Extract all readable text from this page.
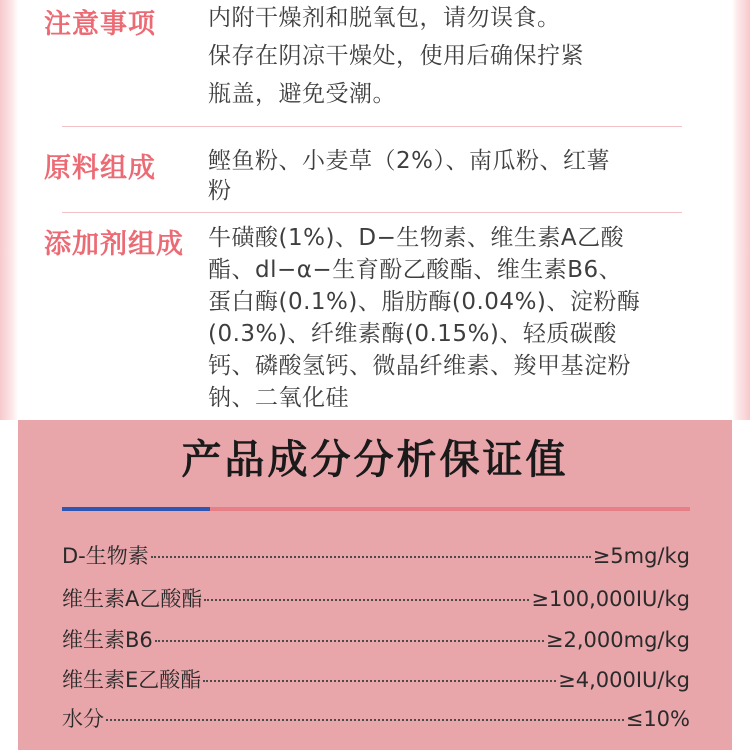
注意事项 内附干燥剂和脱氧包，请勿误食。

保存在阴凉干燥处，使用后确保拧紧

瓶盖，避免受潮。

原料组成 鲣鱼粉、小麦草（2%）、南瓜粉、红薯

粉

添加剂组成 牛磺酸(1%)、D−生物素、维生素A乙酸

酯、dl−α−生育酚乙酸酯、维生素B6、

蛋白酶(0.1%)、脂肪酶(0.04%)、淀粉酶

(0.3%)、纤维素酶(0.15%)、轻质碳酸

钙、磷酸氢钙、微晶纤维素、羧甲基淀粉

钠、二氧化硅

产品成分分析保证值
D-生物素	≥5mg/kg
维生素A乙酸酯	≥100,000IU/kg
维生素B6	≥2,000mg/kg
维生素E乙酸酯	≥4,000IU/kg
水分	≤10%
